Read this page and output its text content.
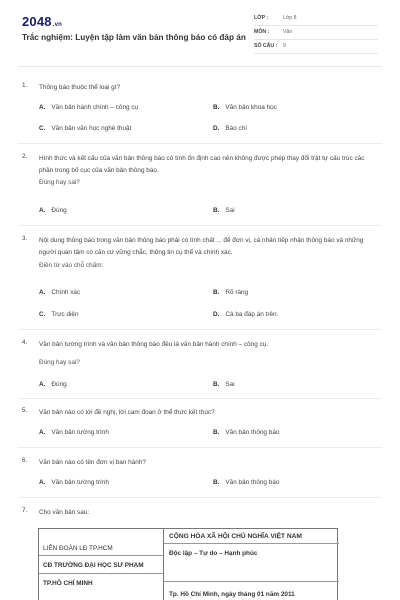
2048.vn
Trắc nghiệm: Luyện tập làm văn bản thông báo có đáp án
LỚP :	Lớp 8
MÔN :	Văn
SỐ CÂU : 9
1. Thông báo thuộc thể loại gì?
A. Văn bản hành chính – công cụ	B. Văn bản khoa học
C. Văn bản văn học nghệ thuật	D. Báo chí
2. Hình thức và kết cấu của văn bản thông báo có tính ổn định cao nên không được phép thay đổi trật tự cấu trúc các phần trong bố cục của văn bản thông báo.
Đúng hay sai?
A. Đúng	B. Sai
3. Nội dung thông báo trong văn bản thông báo phải có tính chất ... để đơn vị, cá nhân tiếp nhận thông báo và những người quan tâm có căn cứ vững chắc, thông tin cụ thể và chính xác.
Điền từ vào chỗ chấm:
A. Chính xác	B. Rõ ràng
C. Trực diện	D. Cả ba đáp án trên.
4. Văn bản tường trình và văn bản thông báo đều là văn bản hành chính – công cụ.
Đúng hay sai?
A. Đúng	B. Sai
5. Văn bản nào có lời đề nghị, lời cam đoan ở thể thức kết thúc?
A. Văn bản tường trình	B. Văn bản thông báo
6. Văn bản nào có tên đơn vị ban hành?
A. Văn bản tường trình	B. Văn bản thông báo
7. Cho văn bản sau:
LIÊN ĐOÀN LĐ TP.HCM
CĐ TRƯỜNG ĐẠI HỌC SƯ PHẠM
TP.HỒ CHÍ MINH
CỘNG HÒA XÃ HỘI CHỦ NGHĨA VIỆT NAM
Độc lập – Tự do – Hạnh phúc
Tp. Hồ Chí Minh, ngày tháng 01 năm 2011
